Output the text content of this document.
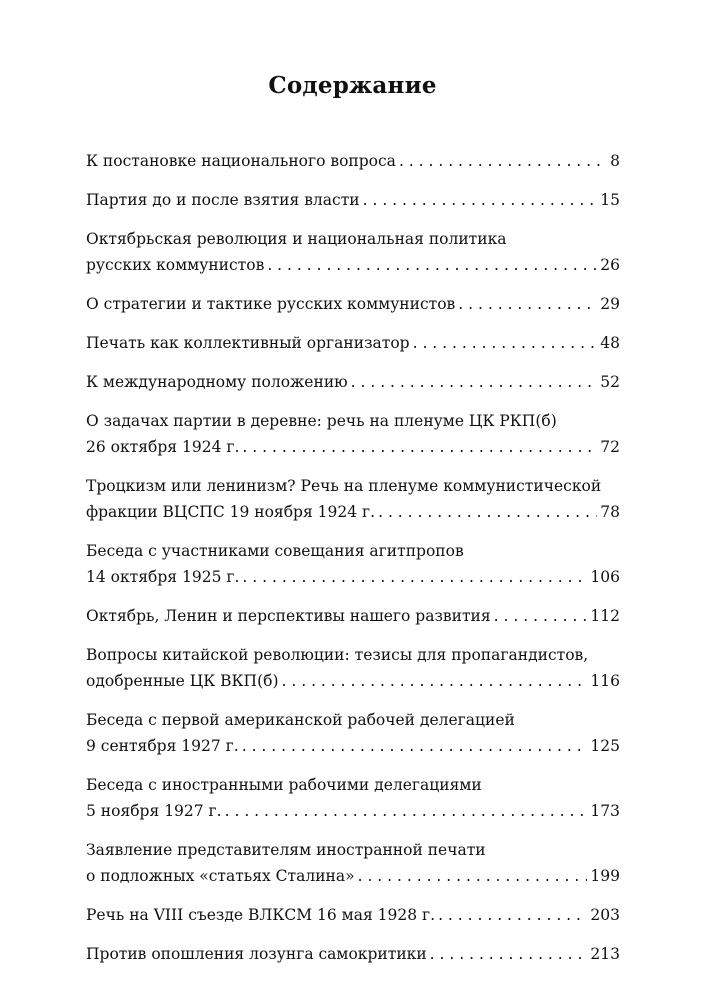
Содержание
К постановке национального вопроса . . .	8
Партия до и после взятия власти . . .	15
Октябрьская революция и национальная политика
русских коммунистов . . .	26
О стратегии и тактике русских коммунистов . . .	29
Печать как коллективный организатор . . .	48
К международному положению . . .	52
О задачах партии в деревне: речь на пленуме ЦК РКП(б)
26 октября 1924 г. . . .	72
Троцкизм или ленинизм? Речь на пленуме коммунистической
фракции ВЦСПС 19 ноября 1924 г. . . .	78
Беседа с участниками совещания агитпропов
14 октября 1925 г. . . .	106
Октябрь, Ленин и перспективы нашего развития . . .	112
Вопросы китайской революции: тезисы для пропагандистов,
одобренные ЦК ВКП(б) . . .	116
Беседа с первой американской рабочей делегацией
9 сентября 1927 г. . . .	125
Беседа с иностранными рабочими делегациями
5 ноября 1927 г. . . .	173
Заявление представителям иностранной печати
о подложных «статьях Сталина» . . .	199
Речь на VIII съезде ВЛКСМ 16 мая 1928 г. . . .	203
Против опошления лозунга самокритики . . .	213
